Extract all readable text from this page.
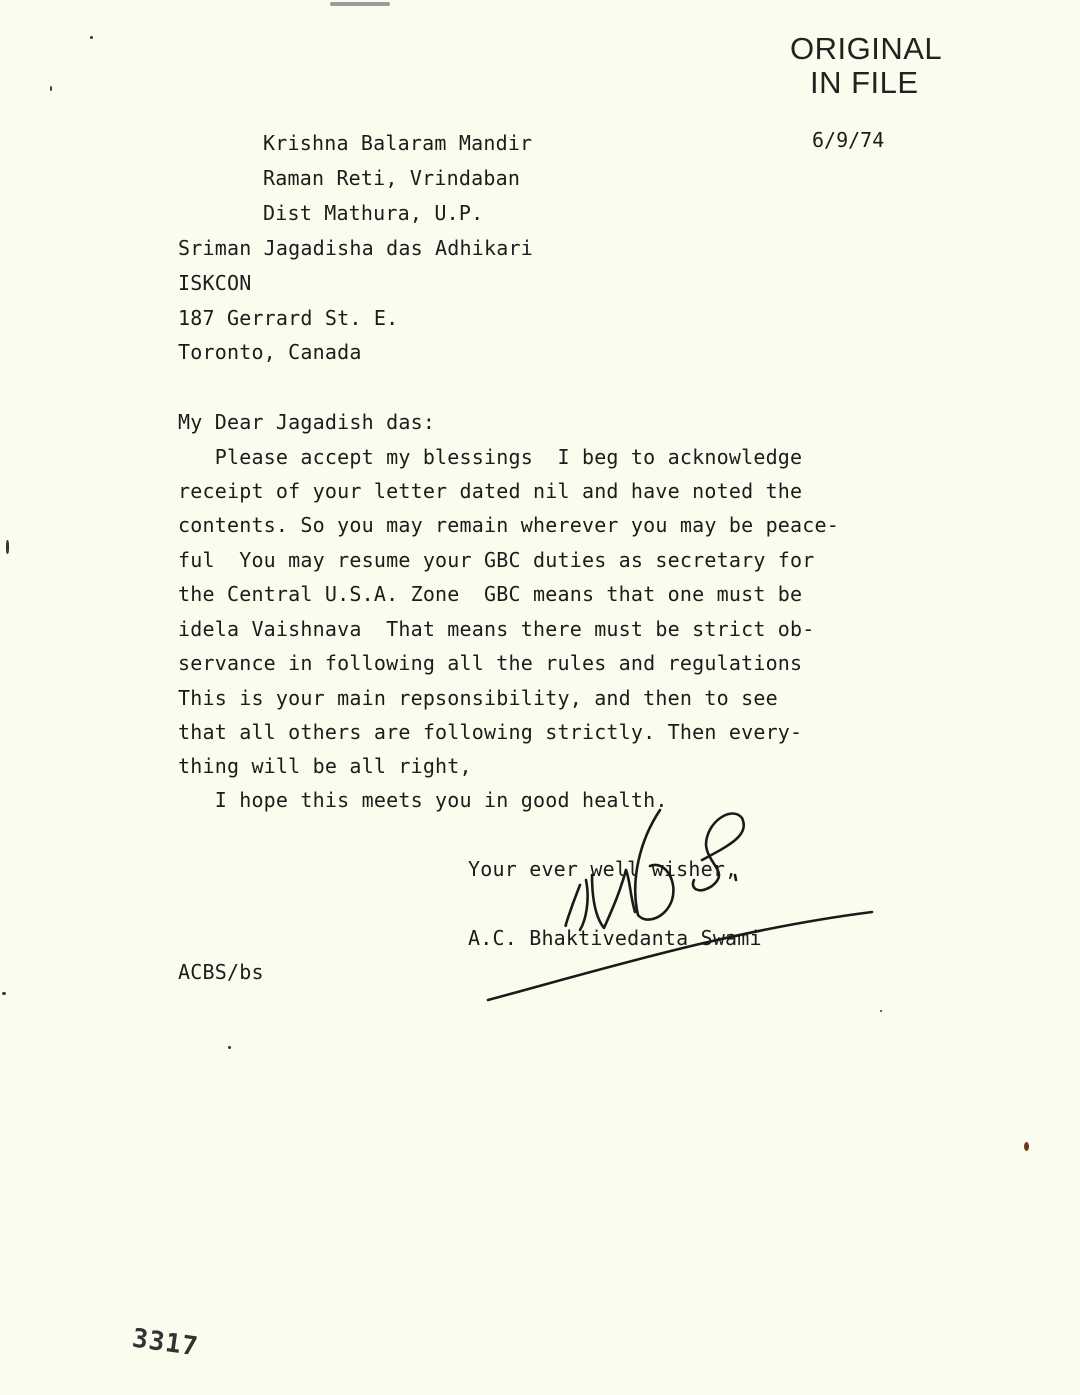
ORIGINAL
IN FILE
6/9/74
Krishna Balaram Mandir
Raman Reti, Vrindaban
Dist Mathura, U.P.
Sriman Jagadisha das Adhikari
ISKCON
187 Gerrard St. E.
Toronto, Canada
My Dear Jagadish das:
Please accept my blessings  I beg to acknowledge
receipt of your letter dated nil and have noted the
contents. So you may remain wherever you may be peace-
ful  You may resume your GBC duties as secretary for
the Central U.S.A. Zone  GBC means that one must be
idela Vaishnava  That means there must be strict ob-
servance in following all the rules and regulations
This is your main repsonsibility, and then to see
that all others are following strictly. Then every-
thing will be all right,
I hope this meets you in good health.
Your ever well wisher,
A.C. Bhaktivedanta Swami
ACBS/bs
3317
